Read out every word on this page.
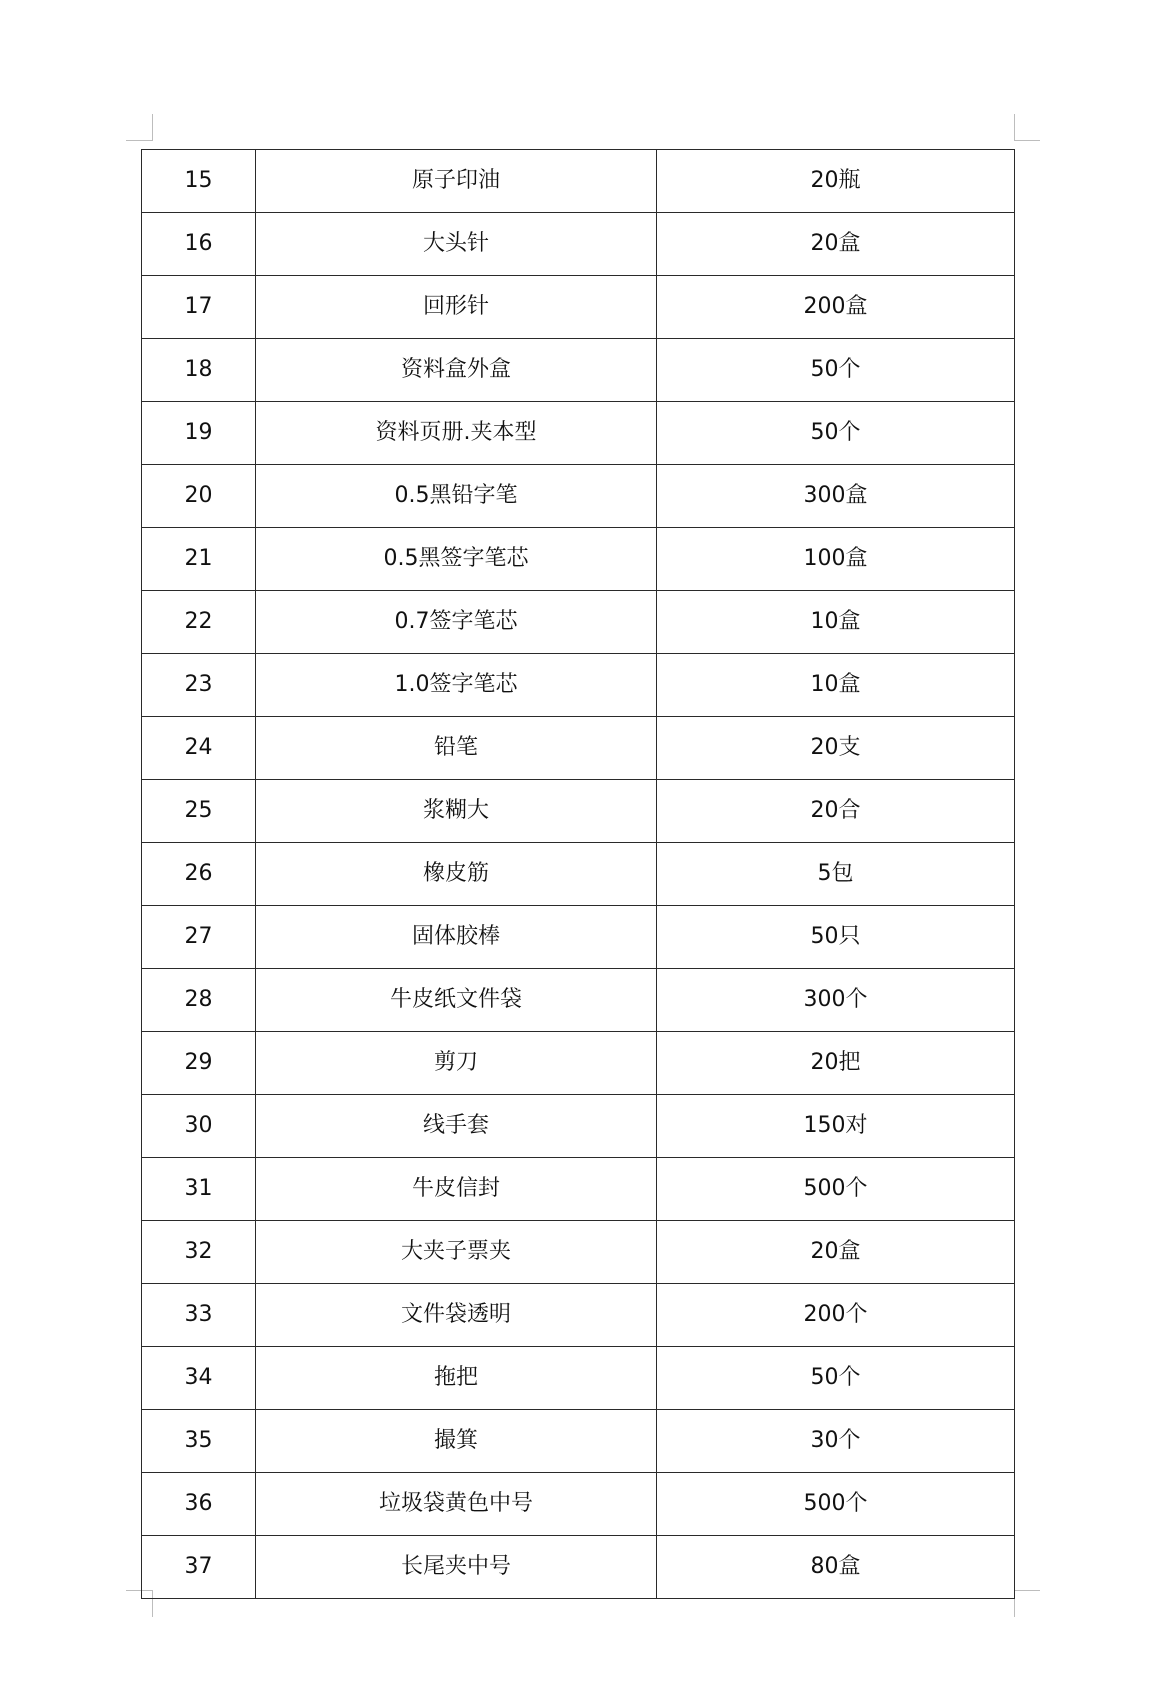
15	原子印油	20瓶
16	大头针	20盒
17	回形针	200盒
18	资料盒外盒	50个
19	资料页册.夹本型	50个
20	0.5黑铅字笔	300盒
21	0.5黑签字笔芯	100盒
22	0.7签字笔芯	10盒
23	1.0签字笔芯	10盒
24	铅笔	20支
25	浆糊大	20合
26	橡皮筋	5包
27	固体胶棒	50只
28	牛皮纸文件袋	300个
29	剪刀	20把
30	线手套	150对
31	牛皮信封	500个
32	大夹子票夹	20盒
33	文件袋透明	200个
34	拖把	50个
35	撮箕	30个
36	垃圾袋黄色中号	500个
37	长尾夹中号	80盒
